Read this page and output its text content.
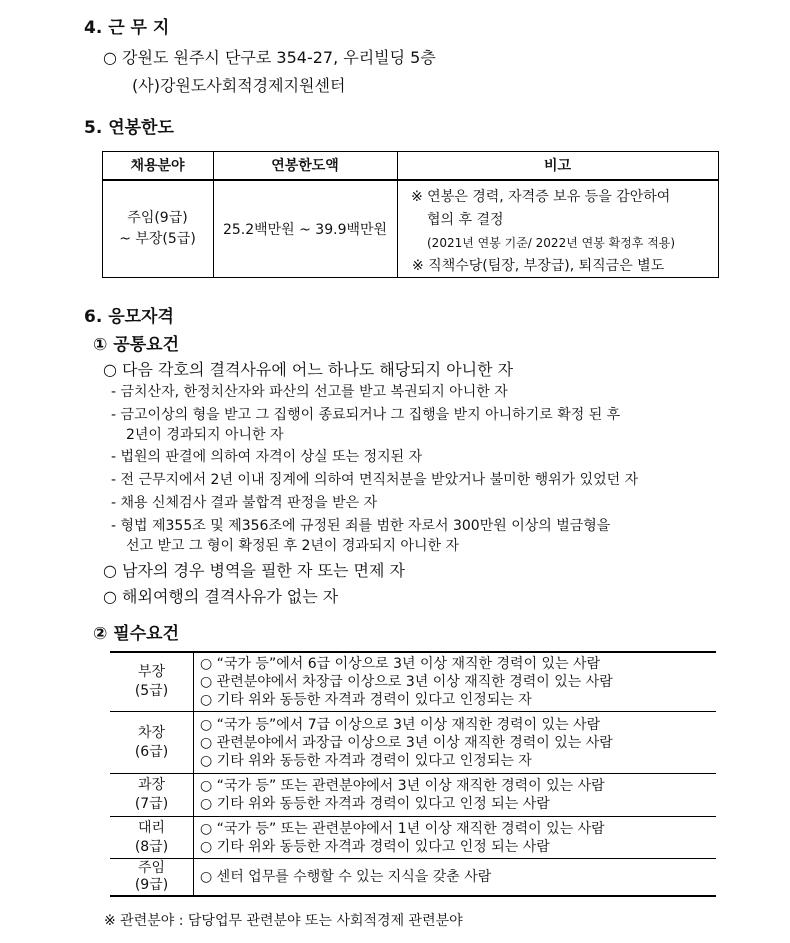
4. 근 무 지
○ 강원도 원주시 단구로 354-27, 우리빌딩 5층
(사)강원도사회적경제지원센터
5. 연봉한도
채용분야	연봉한도액	비고
주임(9급)
~ 부장(5급)
25.2백만원 ~ 39.9백만원
※ 연봉은 경력, 자격증 보유 등을 감안하여
협의 후 결정
(2021년 연봉 기준/ 2022년 연봉 확정후 적용)
※ 직책수당(팀장, 부장급), 퇴직금은 별도
6. 응모자격
① 공통요건
○ 다음 각호의 결격사유에 어느 하나도 해당되지 아니한 자
- 금치산자, 한정치산자와 파산의 선고를 받고 복권되지 아니한 자
- 금고이상의 형을 받고 그 집행이 종료되거나 그 집행을 받지 아니하기로 확정 된 후
2년이 경과되지 아니한 자
- 법원의 판결에 의하여 자격이 상실 또는 정지된 자
- 전 근무지에서 2년 이내 징계에 의하여 면직처분을 받았거나 불미한 행위가 있었던 자
- 채용 신체검사 결과 불합격 판정을 받은 자
- 형법 제355조 및 제356조에 규정된 죄를 범한 자로서 300만원 이상의 벌금형을
선고 받고 그 형이 확정된 후 2년이 경과되지 아니한 자
○ 남자의 경우 병역을 필한 자 또는 면제 자
○ 해외여행의 결격사유가 없는 자
② 필수요건
부장
(5급)
○ “국가 등”에서 6급 이상으로 3년 이상 재직한 경력이 있는 사람
○ 관련분야에서 차장급 이상으로 3년 이상 재직한 경력이 있는 사람
○ 기타 위와 동등한 자격과 경력이 있다고 인정되는 자
차장
(6급)
○ “국가 등”에서 7급 이상으로 3년 이상 재직한 경력이 있는 사람
○ 관련분야에서 과장급 이상으로 3년 이상 재직한 경력이 있는 사람
○ 기타 위와 동등한 자격과 경력이 있다고 인정되는 자
과장
(7급)
○ “국가 등” 또는 관련분야에서 3년 이상 재직한 경력이 있는 사람
○ 기타 위와 동등한 자격과 경력이 있다고 인정 되는 사람
대리
(8급)
○ “국가 등” 또는 관련분야에서 1년 이상 재직한 경력이 있는 사람
○ 기타 위와 동등한 자격과 경력이 있다고 인정 되는 사람
주임
(9급) ○ 센터 업무를 수행할 수 있는 지식을 갖춘 사람
※ 관련분야 : 담당업무 관련분야 또는 사회적경제 관련분야
